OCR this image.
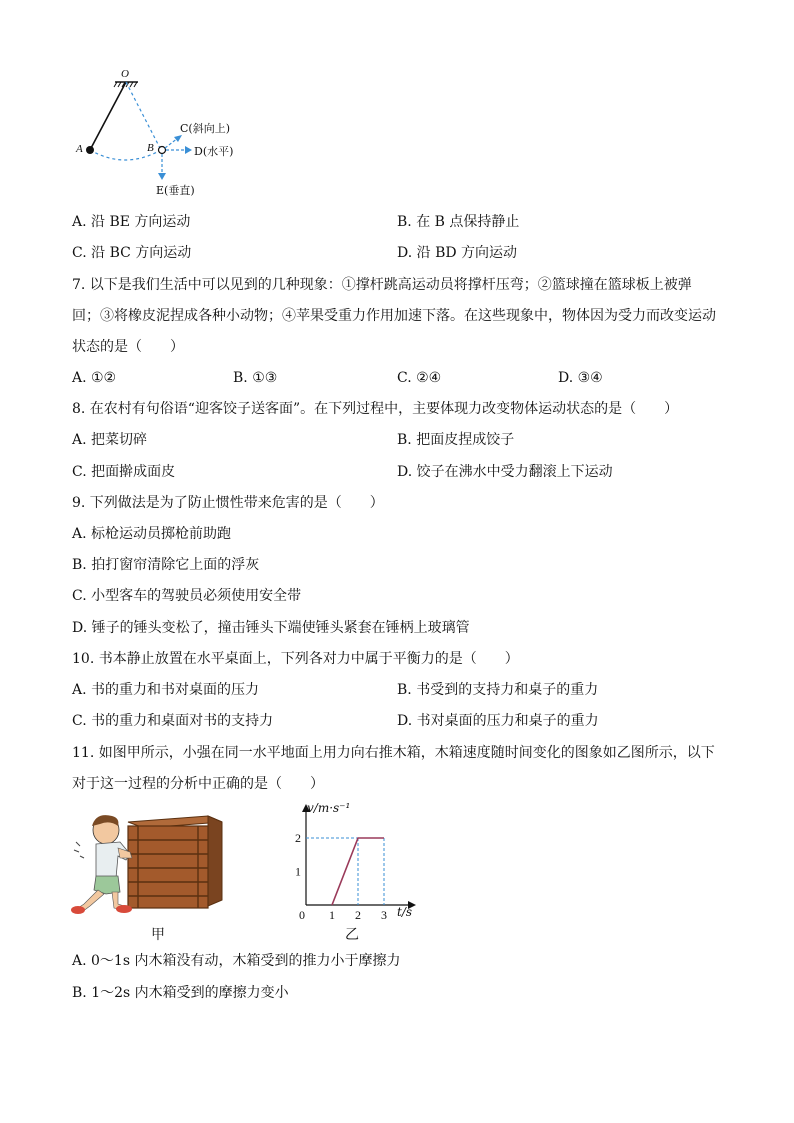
O
A	B
C(斜向上)
D(水平)
E(垂直)
A. 沿 BE 方向运动	B. 在 B 点保持静止
C. 沿 BC 方向运动	D. 沿 BD 方向运动
7. 以下是我们生活中可以见到的几种现象：①撑杆跳高运动员将撑杆压弯；②篮球撞在篮球板上被弹
回；③将橡皮泥捏成各种小动物；④苹果受重力作用加速下落。在这些现象中，物体因为受力而改变运动
状态的是（　　）
A. ①②	B. ①③	C. ②④	D. ③④
8. 在农村有句俗语“迎客饺子送客面”。在下列过程中，主要体现力改变物体运动状态的是（　　）
A. 把菜切碎	B. 把面皮捏成饺子
C. 把面擀成面皮	D. 饺子在沸水中受力翻滚上下运动
9. 下列做法是为了防止惯性带来危害的是（　　）
A. 标枪运动员掷枪前助跑
B. 拍打窗帘清除它上面的浮灰
C. 小型客车的驾驶员必须使用安全带
D. 锤子的锤头变松了，撞击锤头下端使锤头紧套在锤柄上玻璃管
10. 书本静止放置在水平桌面上，下列各对力中属于平衡力的是（　　）
A. 书的重力和书对桌面的压力	B. 书受到的支持力和桌子的重力
C. 书的重力和桌面对书的支持力	D. 书对桌面的压力和桌子的重力
11. 如图甲所示，小强在同一水平地面上用力向右推木箱，木箱速度随时间变化的图象如乙图所示，以下
对于这一过程的分析中正确的是（　　）
甲
0 1 2 3
1
2
v/m·s⁻¹
t/s
乙
A. 0～1s 内木箱没有动，木箱受到的推力小于摩擦力
B. 1～2s 内木箱受到的摩擦力变小
